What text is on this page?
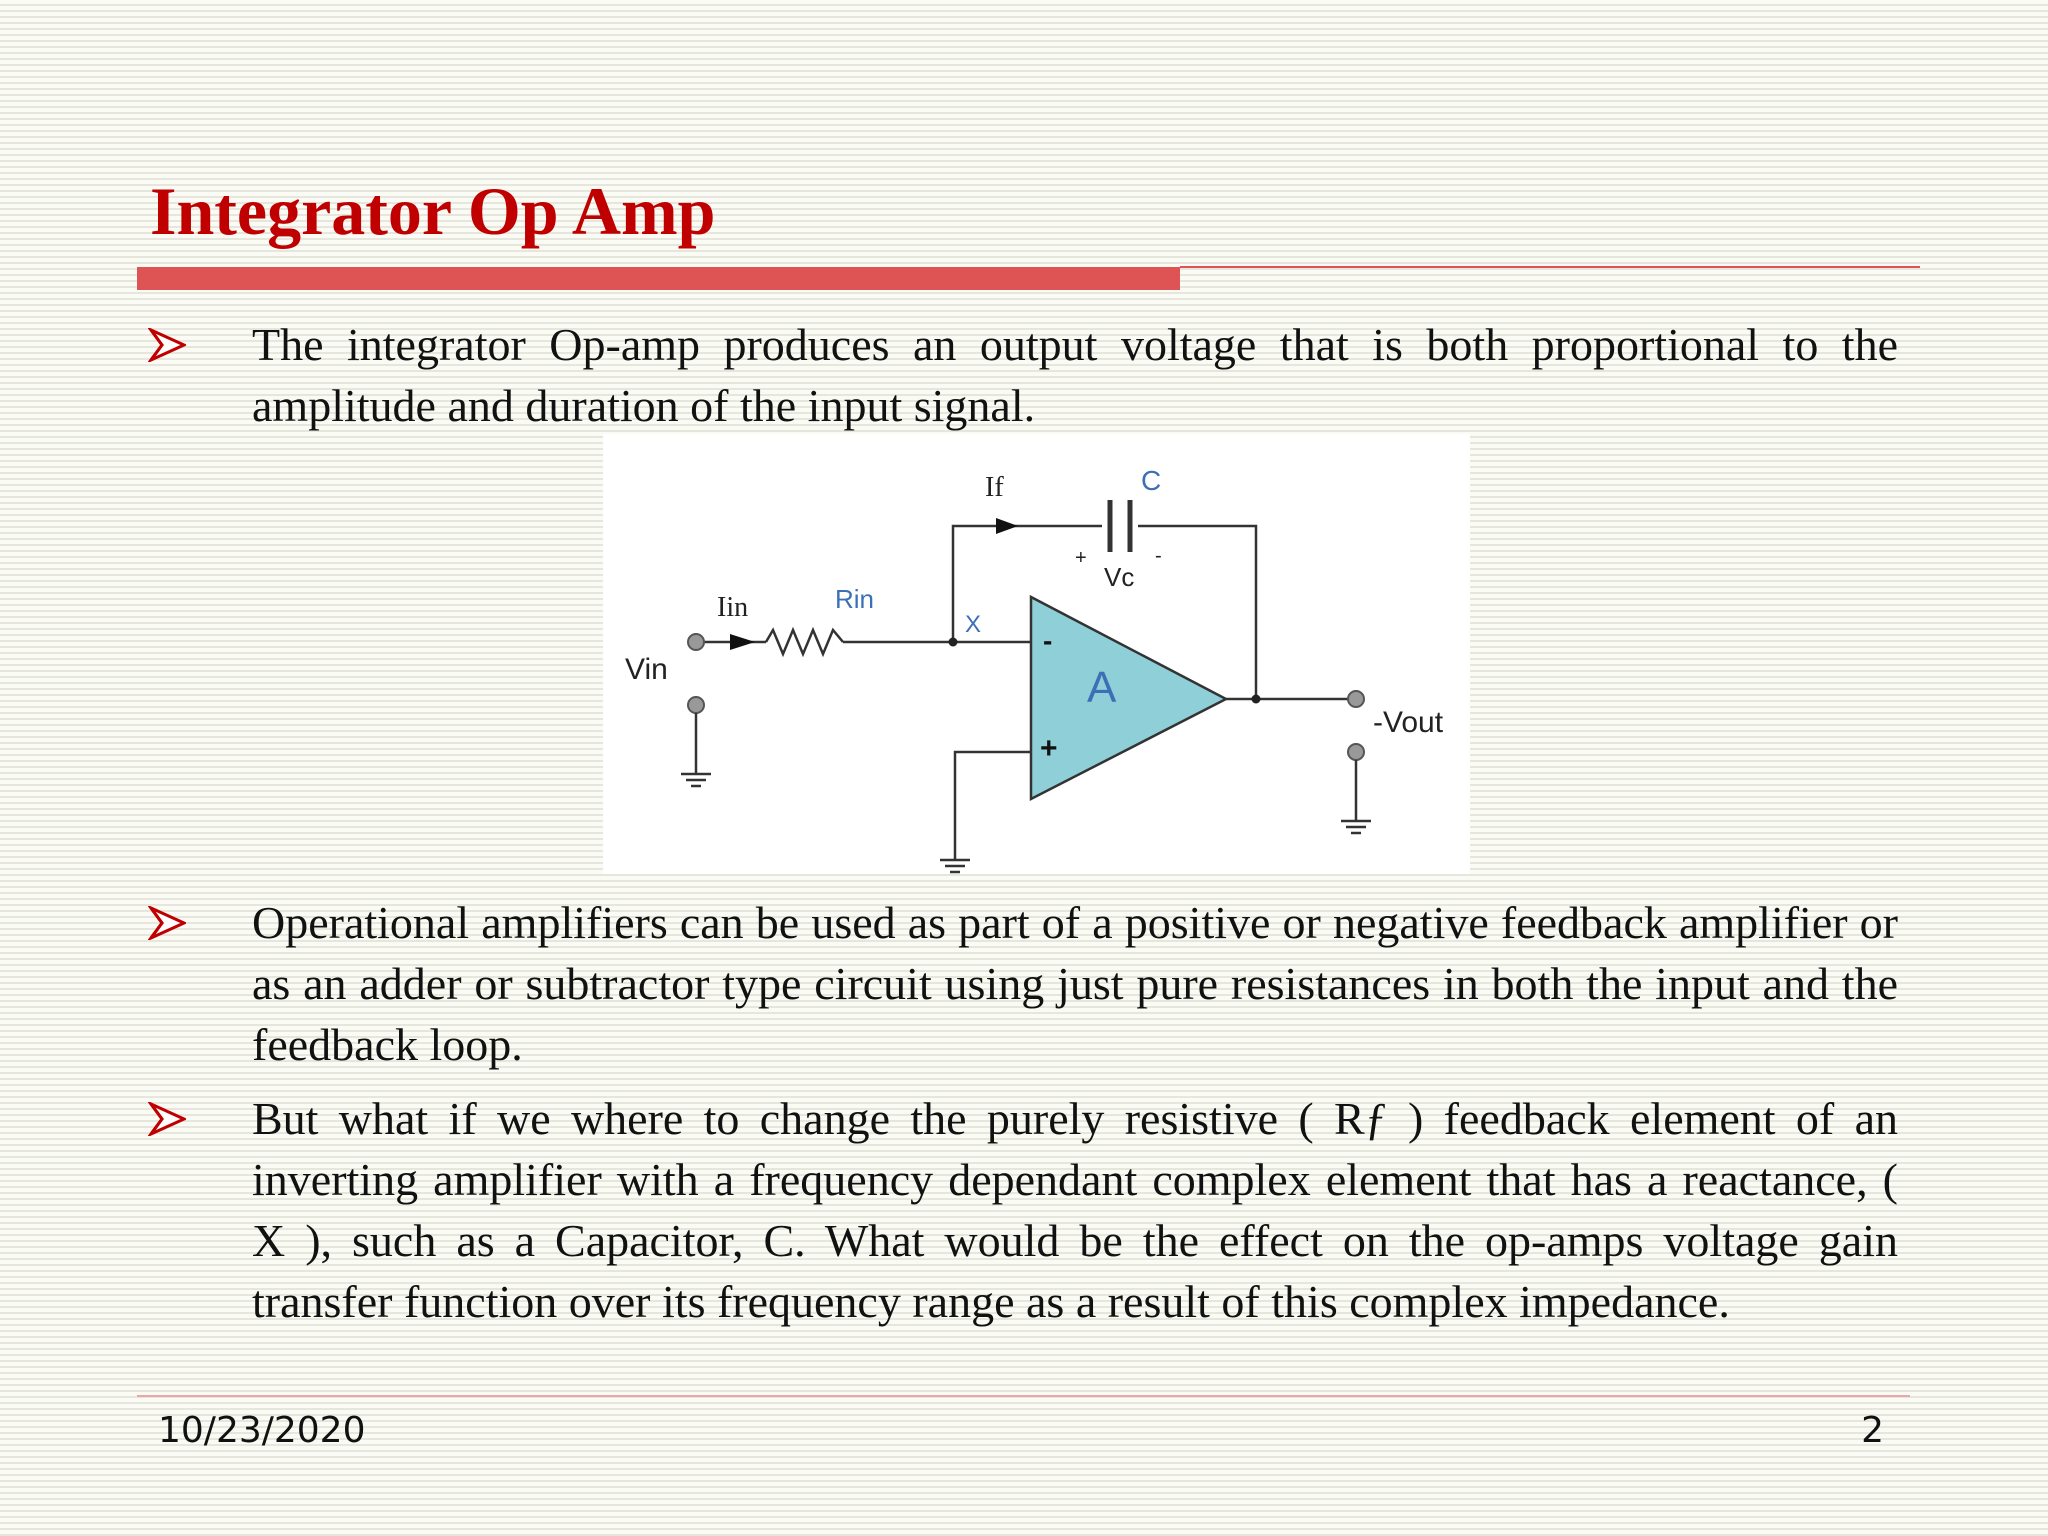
Integrator Op Amp
The integrator Op-amp produces an output voltage that is both proportional to the amplitude and duration of the input signal.
If	C
+
Vc
-
Iin	Rin
X
Vin	A
-
+
-Vout
Operational amplifiers can be used as part of a positive or negative feedback amplifier or as an adder or subtractor type circuit using just pure resistances in both the input and the feedback loop.
But what if we where to change the purely resistive ( Rƒ ) feedback element of an inverting amplifier with a frequency dependant complex element that has a reactance, ( X ), such as a Capacitor, C. What would be the effect on the op-amps voltage gain transfer function over its frequency range as a result of this complex impedance.
10/23/2020	2
